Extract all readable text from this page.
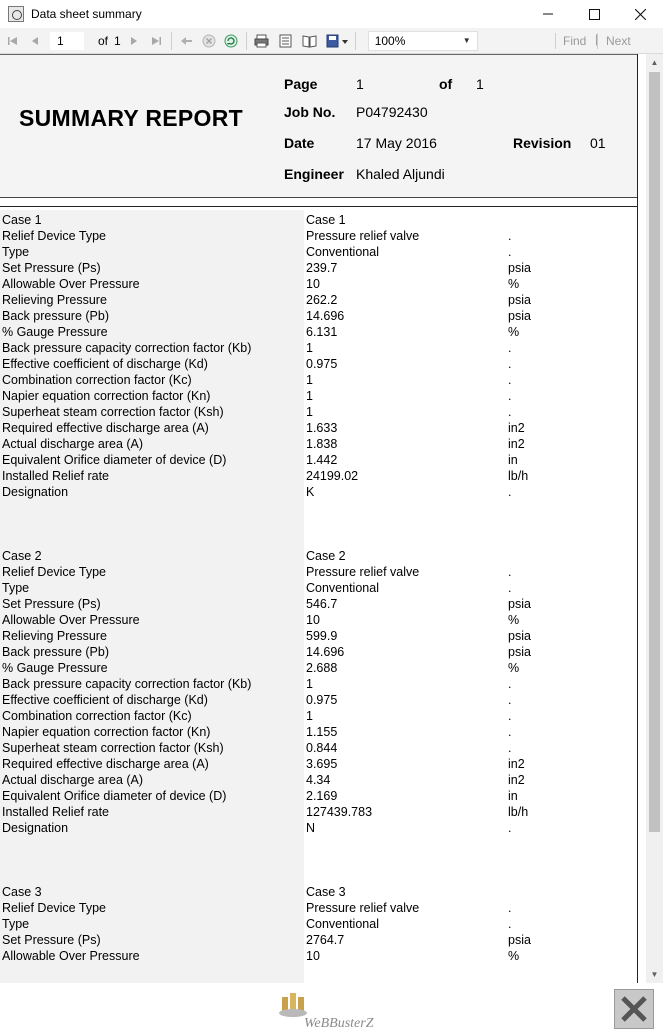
Data sheet summary
1
of 1	100%	▼	Find | Next
SUMMARY REPORT
Page	1	of 1
Job No. P04792430
Date	17 May 2016	Revision 01
Engineer Khaled Aljundi
Case 1	Case 1
Relief Device Type	Pressure relief valve	.
Type	Conventional	.
Set Pressure (Ps)	239.7	psia
Allowable Over Pressure	10	%
Relieving Pressure	262.2	psia
Back pressure (Pb)	14.696	psia
% Gauge Pressure	6.131	%
Back pressure capacity correction factor (Kb)	1	.
Effective coefficient of discharge (Kd)	0.975	.
Combination correction factor (Kc)	1	.
Napier equation correction factor (Kn)	1	.
Superheat steam correction factor (Ksh)	1	.
Required effective discharge area (A)	1.633	in2
Actual discharge area (A)	1.838	in2
Equivalent Orifice diameter of device (D)	1.442	in
Installed Relief rate	24199.02	lb/h
Designation	K	.
Case 2	Case 2
Relief Device Type	Pressure relief valve	.
Type	Conventional	.
Set Pressure (Ps)	546.7	psia
Allowable Over Pressure	10	%
Relieving Pressure	599.9	psia
Back pressure (Pb)	14.696	psia
% Gauge Pressure	2.688	%
Back pressure capacity correction factor (Kb)	1	.
Effective coefficient of discharge (Kd)	0.975	.
Combination correction factor (Kc)	1	.
Napier equation correction factor (Kn)	1.155	.
Superheat steam correction factor (Ksh)	0.844	.
Required effective discharge area (A)	3.695	in2
Actual discharge area (A)	4.34	in2
Equivalent Orifice diameter of device (D)	2.169	in
Installed Relief rate	127439.783	lb/h
Designation	N	.
Case 3	Case 3
Relief Device Type	Pressure relief valve	.
Type	Conventional	.
Set Pressure (Ps)	2764.7	psia
Allowable Over Pressure	10	%
▲
▼
WeBBusterZ
